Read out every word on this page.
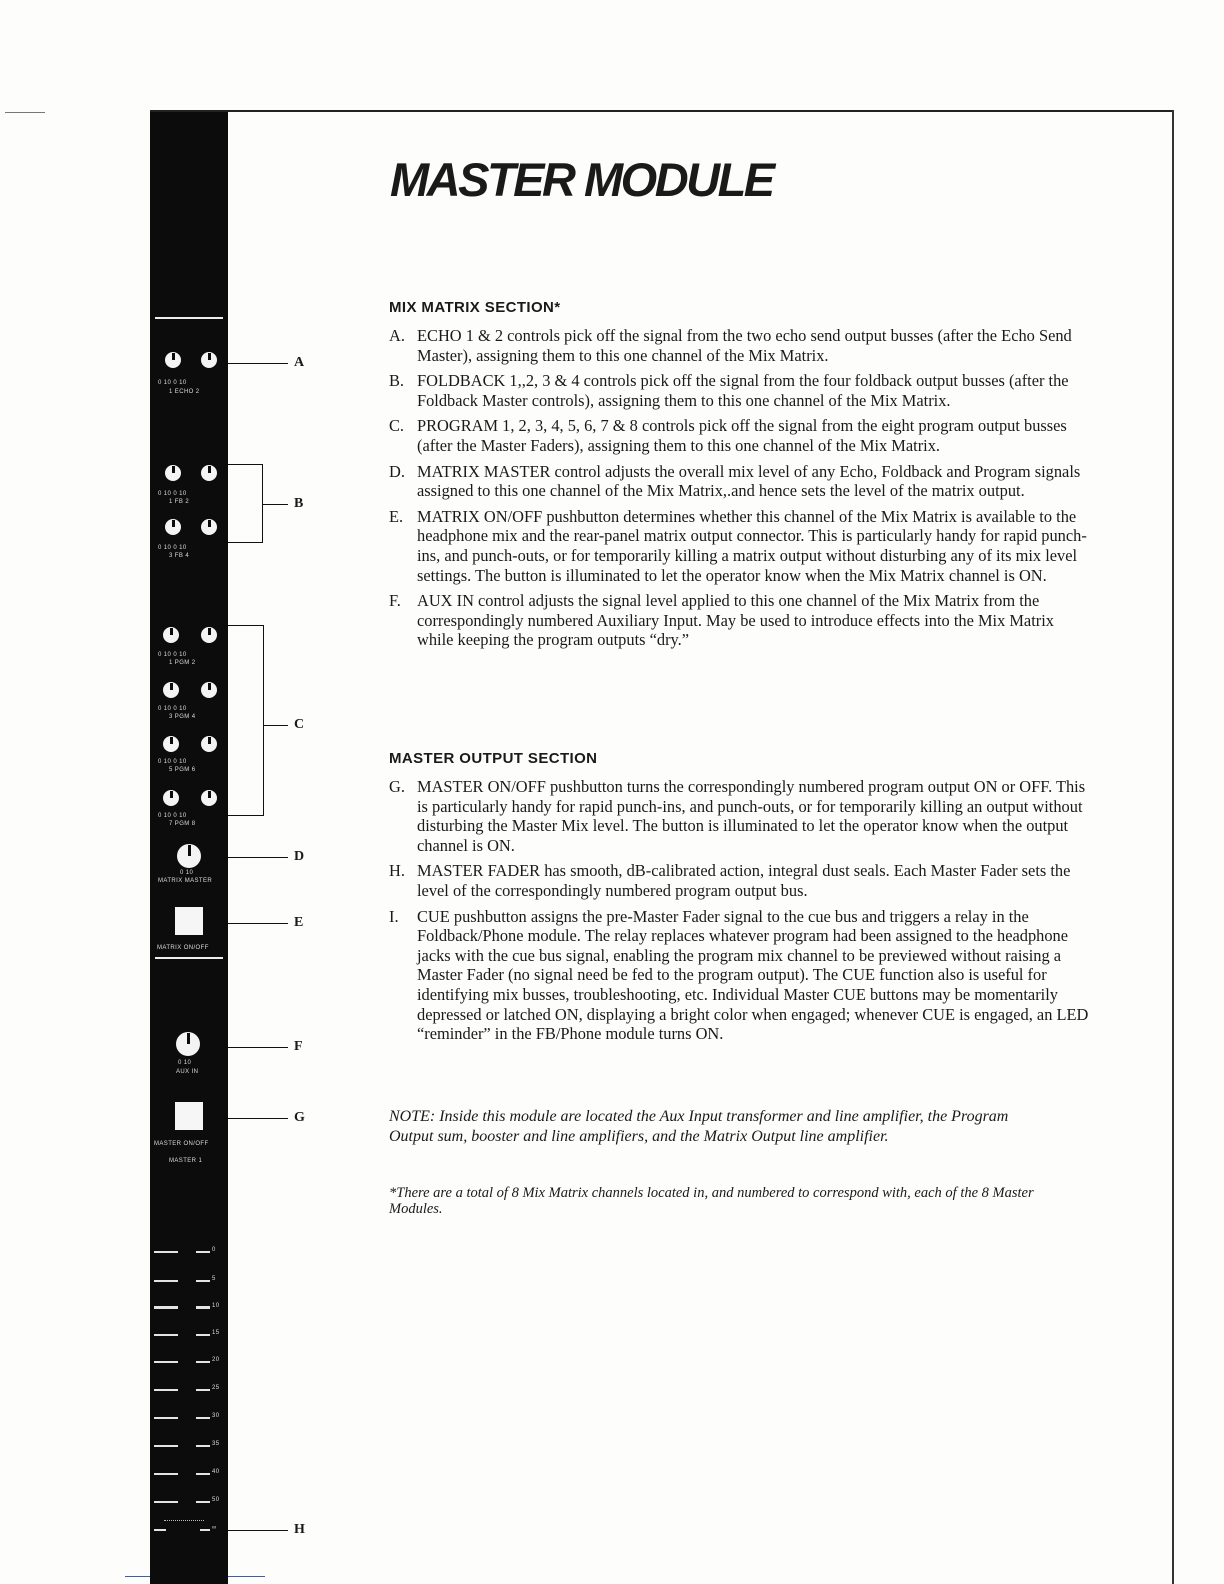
0 10 0 10
1 ECHO 2
0 10 0 10
1 FB 2
0 10 0 10
3 FB 4
0 10 0 10
1 PGM 2
0 10 0 10
3 PGM 4
0 10 0 10
5 PGM 6
0 10 0 10
7 PGM 8
0 10
MATRIX MASTER
MATRIX ON/OFF
0 10
AUX IN
MASTER ON/OFF
MASTER 1
0
5
10
15
20
25
30
35
40
50
∞
A
B
C
D
E
F
G
H
MASTER MODULE
MIX MATRIX SECTION*
A. ECHO 1 & 2 controls pick off the signal from the two echo send output busses (after the Echo Send Master), assigning them to this one channel of the Mix Matrix.
B. FOLDBACK 1,,2, 3 & 4 controls pick off the signal from the four foldback output busses (after the Foldback Master controls), assigning them to this one channel of the Mix Matrix.
C. PROGRAM 1, 2, 3, 4, 5, 6, 7 & 8 controls pick off the signal from the eight program output busses (after the Master Faders), assigning them to this one channel of the Mix Matrix.
D. MATRIX MASTER control adjusts the overall mix level of any Echo, Foldback and Program signals assigned to this one channel of the Mix Matrix,.and hence sets the level of the matrix output.
E. MATRIX ON/OFF pushbutton determines whether this channel of the Mix Matrix is available to the headphone mix and the rear-panel matrix output connector. This is particularly handy for rapid punch-ins, and punch-outs, or for temporarily killing a matrix output without disturbing any of its mix level settings. The button is illuminated to let the operator know when the Mix Matrix channel is ON.
F. AUX IN control adjusts the signal level applied to this one channel of the Mix Matrix from the correspondingly numbered Auxiliary Input. May be used to introduce effects into the Mix Matrix while keeping the program outputs “dry.”
MASTER OUTPUT SECTION
G. MASTER ON/OFF pushbutton turns the correspondingly numbered program output ON or OFF. This is particularly handy for rapid punch-ins, and punch-outs, or for temporarily killing an output without disturbing the Master Mix level. The button is illuminated to let the operator know when the output channel is ON.
H. MASTER FADER has smooth, dB-calibrated action, integral dust seals. Each Master Fader sets the level of the correspondingly numbered program output bus.
I. CUE pushbutton assigns the pre-Master Fader signal to the cue bus and triggers a relay in the Foldback/Phone module. The relay replaces whatever program had been assigned to the headphone jacks with the cue bus signal, enabling the program mix channel to be previewed without raising a Master Fader (no signal need be fed to the program output). The CUE function also is useful for identifying mix busses, troubleshooting, etc. Individual Master CUE buttons may be momentarily depressed or latched ON, displaying a bright color when engaged; whenever CUE is engaged, an LED “reminder” in the FB/Phone module turns ON.

NOTE: Inside this module are located the Aux Input transformer and line amplifier, the Program Output sum, booster and line amplifiers, and the Matrix Output line amplifier.

*There are a total of 8 Mix Matrix channels located in, and numbered to correspond with, each of the 8 Master Modules.
